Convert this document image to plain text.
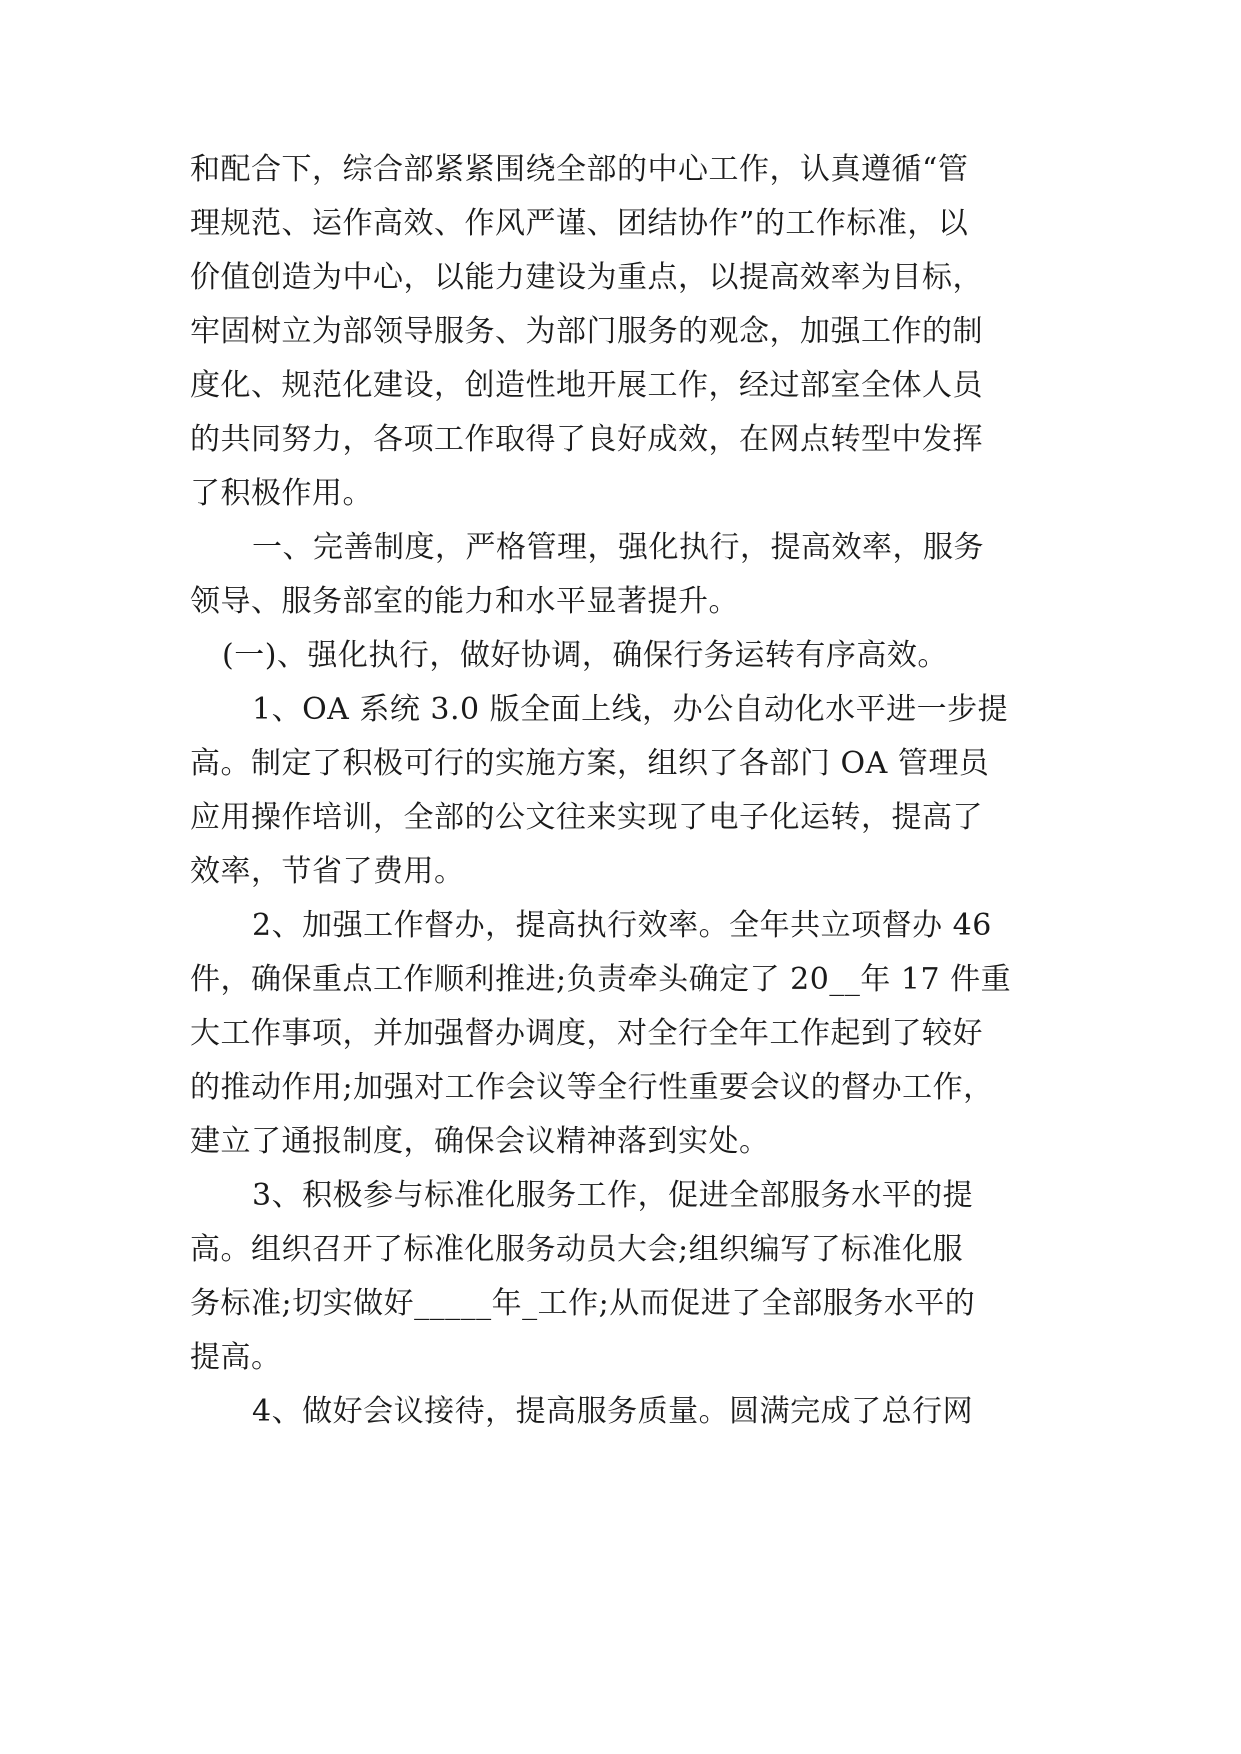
和配合下，综合部紧紧围绕全部的中心工作，认真遵循“管
理规范、运作高效、作风严谨、团结协作”的工作标准，以
价值创造为中心，以能力建设为重点，以提高效率为目标，
牢固树立为部领导服务、为部门服务的观念，加强工作的制
度化、规范化建设，创造性地开展工作，经过部室全体人员
的共同努力，各项工作取得了良好成效，在网点转型中发挥
了积极作用。
一、完善制度，严格管理，强化执行，提高效率，服务
领导、服务部室的能力和水平显著提升。
(一)、强化执行，做好协调，确保行务运转有序高效。
1、OA 系统 3.0 版全面上线，办公自动化水平进一步提
高。制定了积极可行的实施方案，组织了各部门 OA 管理员
应用操作培训，全部的公文往来实现了电子化运转，提高了
效率，节省了费用。
2、加强工作督办，提高执行效率。全年共立项督办 46
件，确保重点工作顺利推进;负责牵头确定了 20__年 17 件重
大工作事项，并加强督办调度，对全行全年工作起到了较好
的推动作用;加强对工作会议等全行性重要会议的督办工作，
建立了通报制度，确保会议精神落到实处。
3、积极参与标准化服务工作，促进全部服务水平的提
高。组织召开了标准化服务动员大会;组织编写了标准化服
务标准;切实做好_____年_工作;从而促进了全部服务水平的
提高。
4、做好会议接待，提高服务质量。圆满完成了总行网
